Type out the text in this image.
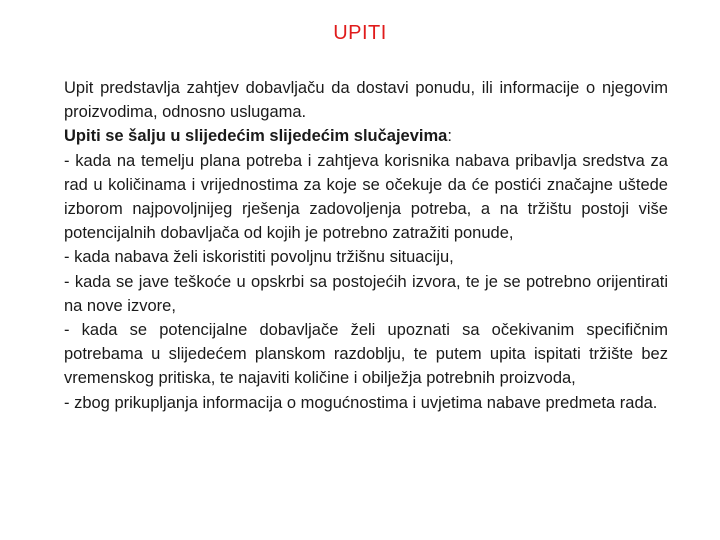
UPITI

Upit predstavlja zahtjev dobavljaču da dostavi ponudu, ili informacije o njegovim proizvodima, odnosno uslugama.

Upiti se šalju u slijedećim slijedećim slučajevima:

- kada na temelju plana potreba i zahtjeva korisnika nabava pribavlja sredstva za rad u količinama i vrijednostima za koje se očekuje da će postići značajne uštede izborom najpovoljnijeg rješenja zadovoljenja potreba, a na tržištu postoji više potencijalnih dobavljača od kojih je potrebno zatražiti ponude,

- kada nabava želi iskoristiti povoljnu tržišnu situaciju,

- kada se jave teškoće u opskrbi sa postojećih izvora, te je se potrebno orijentirati na nove izvore,

- kada se potencijalne dobavljače želi upoznati sa očekivanim specifičnim potrebama u slijedećem planskom razdoblju, te putem upita ispitati tržište bez vremenskog pritiska, te najaviti količine i obilježja potrebnih proizvoda,

- zbog prikupljanja informacija o mogućnostima i uvjetima nabave predmeta rada.
